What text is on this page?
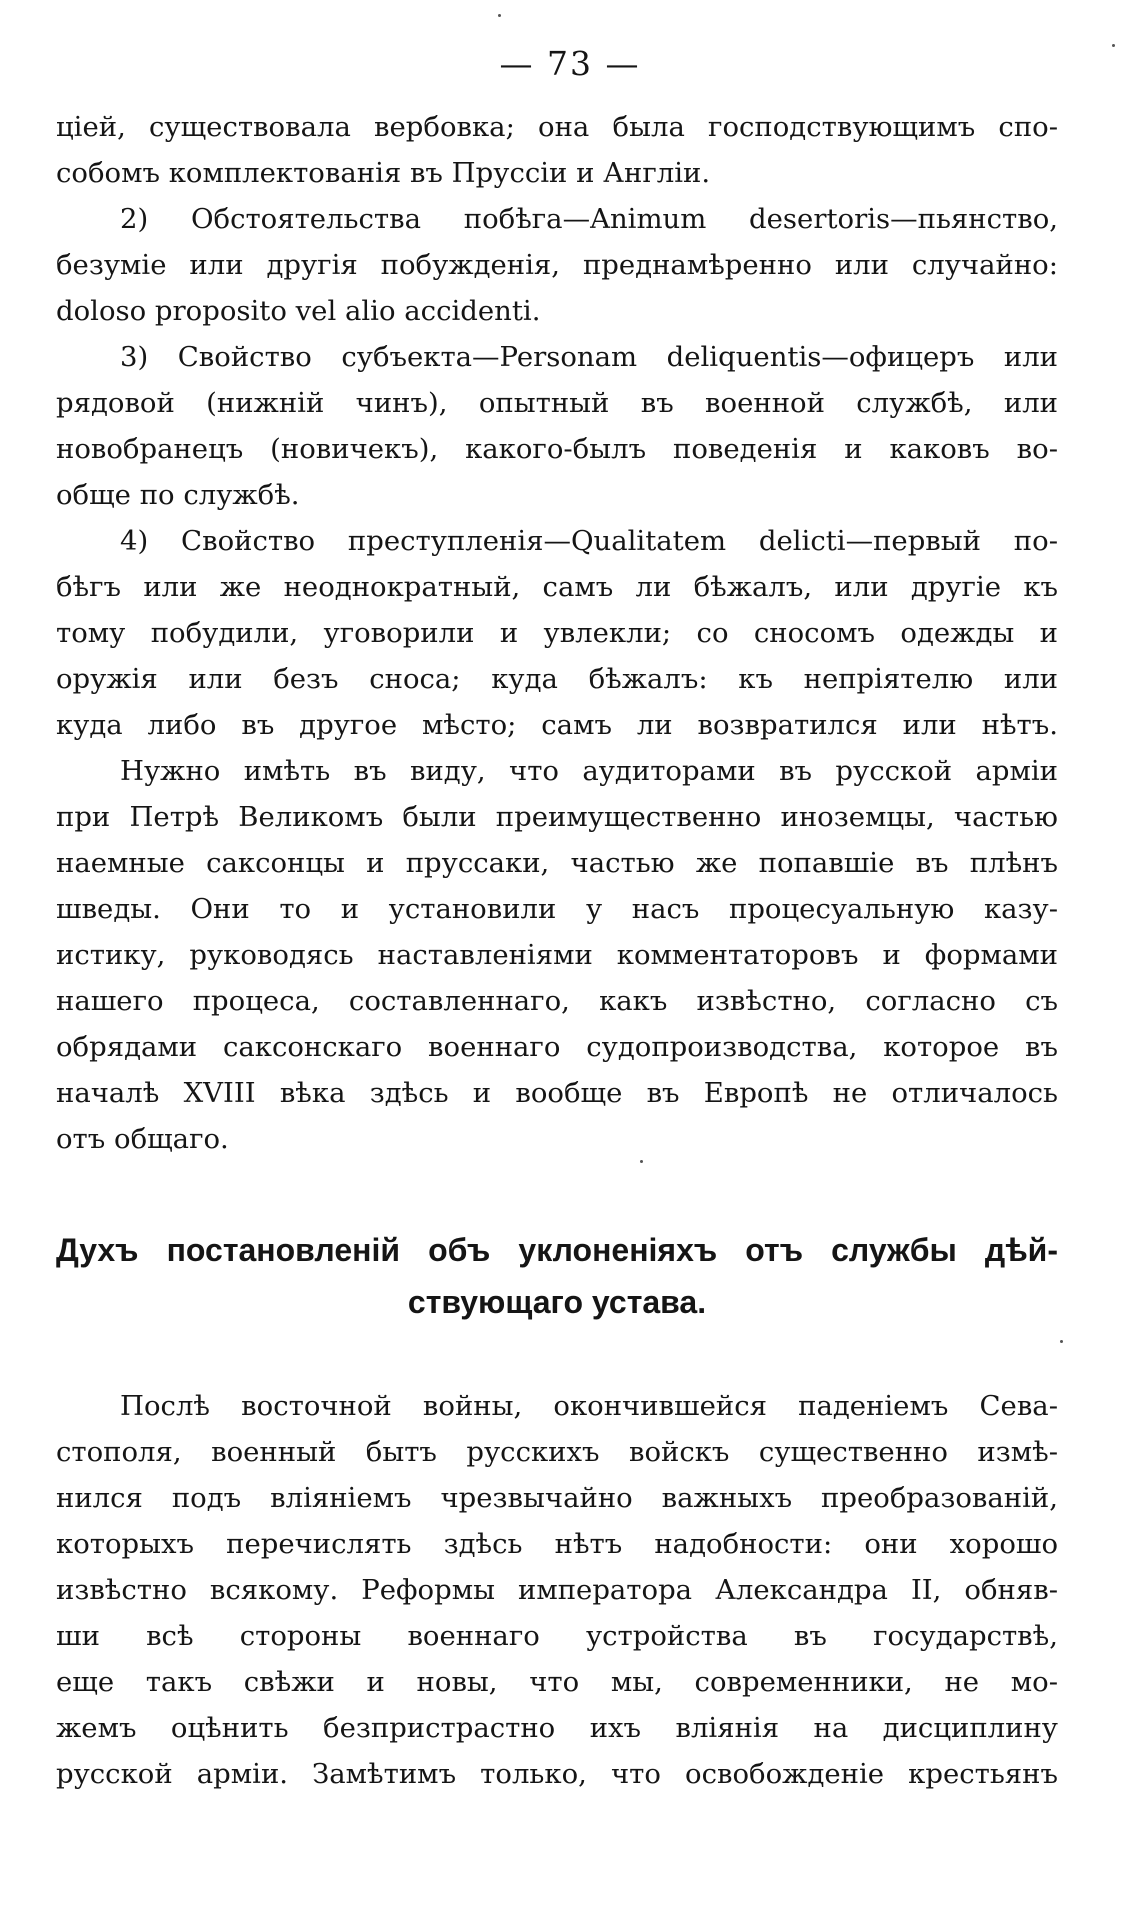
— 73 —
ціей, существовала вербовка; она была господствующимъ спо-
собомъ комплектованія въ Пруссіи и Англіи.
2) Обстоятельства побѣга—Animum desertoris—пьянство,
безуміе или другія побужденія, преднамѣренно или случайно:
doloso proposito vel alio accidenti.
3) Свойство субъекта—Personam deliquentis—офицеръ или
рядовой (нижній чинъ), опытный въ военной службѣ, или
новобранецъ (новичекъ), какого-былъ поведенія и каковъ во-
обще по службѣ.
4) Свойство преступленія—Qualitatem delicti—первый по-
бѣгъ или же неоднократный, самъ ли бѣжалъ, или другіе къ
тому побудили, уговорили и увлекли; со сносомъ одежды и
оружія или безъ сноса; куда бѣжалъ: къ непріятелю или
куда либо въ другое мѣсто; самъ ли возвратился или нѣтъ.
Нужно имѣть въ виду, что аудиторами въ русской арміи
при Петрѣ Великомъ были преимущественно иноземцы, частью
наемные саксонцы и пруссаки, частью же попавшіе въ плѣнъ
шведы. Они то и установили у насъ процесуальную казу-
истику, руководясь наставленіями комментаторовъ и формами
нашего процеса, составленнаго, какъ извѣстно, согласно съ
обрядами саксонскаго военнаго судопроизводства, которое въ
началѣ XVIII вѣка здѣсь и вообще въ Европѣ не отличалось
отъ общаго.
Духъ постановленій объ уклоненіяхъ отъ службы дѣй-
ствующаго устава.
Послѣ восточной войны, окончившейся паденіемъ Сева-
стополя, военный бытъ русскихъ войскъ существенно измѣ-
нился подъ вліяніемъ чрезвычайно важныхъ преобразованій,
которыхъ перечислять здѣсь нѣтъ надобности: они хорошо
извѣстно всякому. Реформы императора Александра II, обняв-
ши всѣ стороны военнаго устройства въ государствѣ,
еще такъ свѣжи и новы, что мы, современники, не мо-
жемъ оцѣнить безпристрастно ихъ вліянія на дисциплину
русской арміи. Замѣтимъ только, что освобожденіе крестьянъ
